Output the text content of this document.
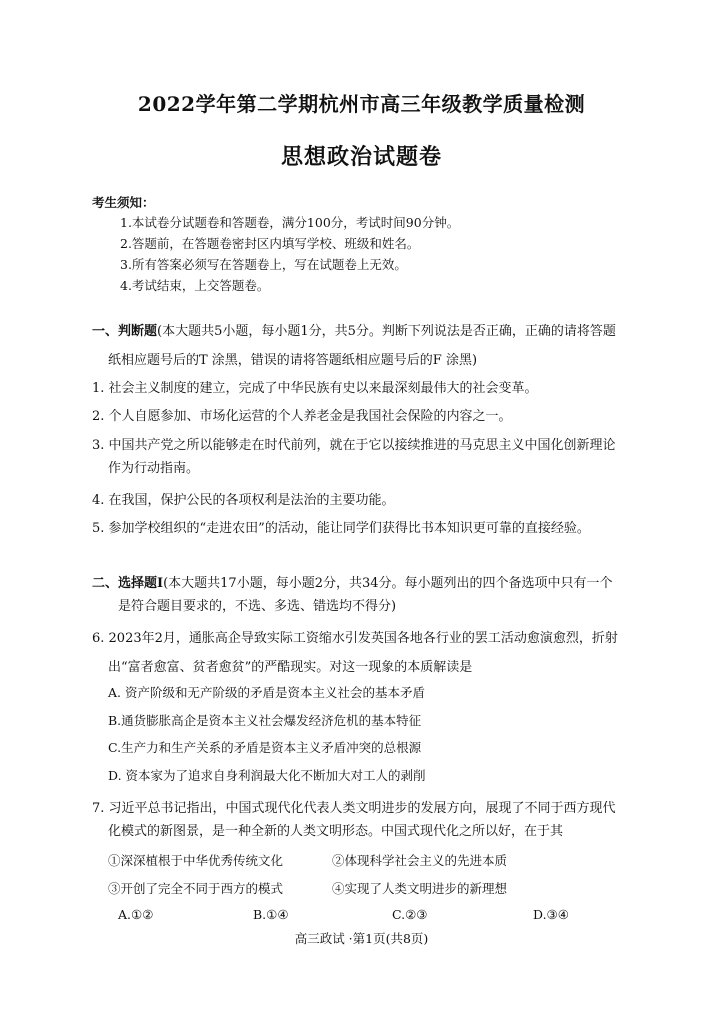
2022学年第二学期杭州市高三年级教学质量检测
思想政治试题卷
考生须知：
1.本试卷分试题卷和答题卷，满分100分，考试时间90分钟。
2.答题前，在答题卷密封区内填写学校、班级和姓名。
3.所有答案必须写在答题卷上，写在试题卷上无效。
4.考试结束，上交答题卷。
一、判断题(本大题共5小题，每小题1分，共5分。判断下列说法是否正确，正确的请将答题
纸相应题号后的T 涂黑，错误的请将答题纸相应题号后的F 涂黑)
1. 社会主义制度的建立，完成了中华民族有史以来最深刻最伟大的社会变革。
2. 个人自愿参加、市场化运营的个人养老金是我国社会保险的内容之一。
3. 中国共产党之所以能够走在时代前列，就在于它以接续推进的马克思主义中国化创新理论
作为行动指南。
4. 在我国，保护公民的各项权利是法治的主要功能。
5. 参加学校组织的“走进农田”的活动，能让同学们获得比书本知识更可靠的直接经验。
二、选择题Ⅰ(本大题共17小题，每小题2分，共34分。每小题列出的四个备选项中只有一个
是符合题目要求的，不选、多选、错选均不得分)
6. 2023年2月，通胀高企导致实际工资缩水引发英国各地各行业的罢工活动愈演愈烈，折射
出“富者愈富、贫者愈贫”的严酷现实。对这一现象的本质解读是
A. 资产阶级和无产阶级的矛盾是资本主义社会的基本矛盾
B.通货膨胀高企是资本主义社会爆发经济危机的基本特征
C.生产力和生产关系的矛盾是资本主义矛盾冲突的总根源
D. 资本家为了追求自身利润最大化不断加大对工人的剥削
7. 习近平总书记指出，中国式现代化代表人类文明进步的发展方向，展现了不同于西方现代
化模式的新图景，是一种全新的人类文明形态。中国式现代化之所以好，在于其
①深深植根于中华优秀传统文化	②体现科学社会主义的先进本质
③开创了完全不同于西方的模式	④实现了人类文明进步的新理想
A.①②	B.①④	C.②③	D.③④
高三政试 ·第1页(共8页)
